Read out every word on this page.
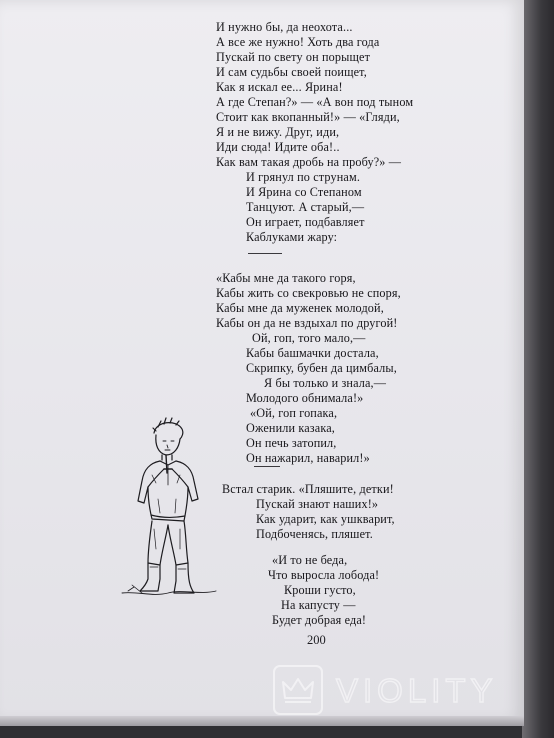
И нужно бы, да неохота...
А все же нужно! Хоть два года
Пускай по свету он порыщет
И сам судьбы своей поищет,
Как я искал ее... Ярина!
А где Степан?» — «А вон под тыном
Стоит как вкопанный!» — «Гляди,
Я и не вижу. Друг, иди,
Иди сюда! Идите оба!..
Как вам такая дробь на пробу?» —
И грянул по струнам.
И Ярина со Степаном
Танцуют. А старый,—
Он играет, подбавляет
Каблуками жару:
«Кабы мне да такого горя,
Кабы жить со свекровью не споря,
Кабы мне да муженек молодой,
Кабы он да не вздыхал по другой!
Ой, гоп, того мало,—
Кабы башмачки достала,
Скрипку, бубен да цимбалы,
Я бы только и знала,—
Молодого обнимала!»
«Ой, гоп гопака,
Оженили казака,
Он печь затопил,
Он нажарил, наварил!»
Встал старик. «Пляшите, детки!
Пускай знают наших!»
Как ударит, как ушкварит,
Подбоченясь, пляшет.
«И то не беда,
Что выросла лобода!
Кроши густо,
На капусту —
Будет добрая еда!
200
VIOLITY
